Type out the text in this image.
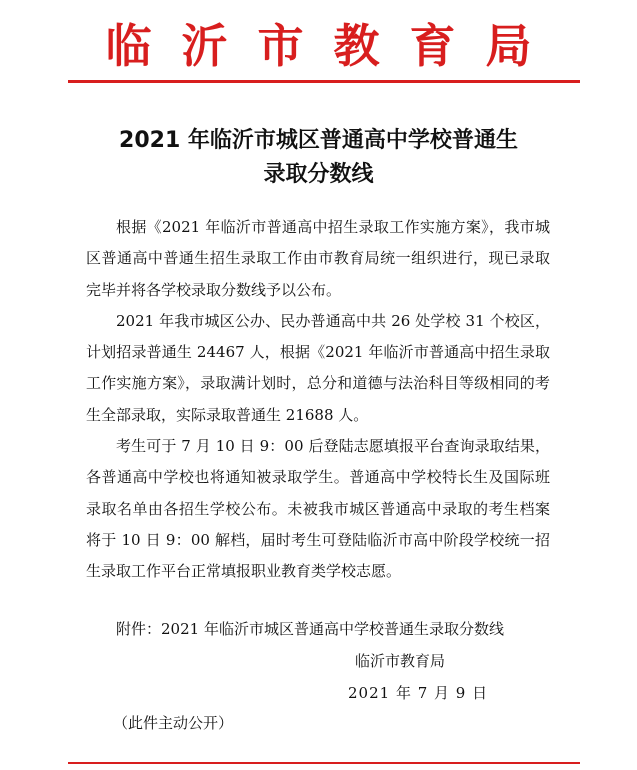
临沂市教育局
2021 年临沂市城区普通高中学校普通生
录取分数线

根据《2021 年临沂市普通高中招生录取工作实施方案》，我市城区普通高中普通生招生录取工作由市教育局统一组织进行，现已录取完毕并将各学校录取分数线予以公布。

2021 年我市城区公办、民办普通高中共 26 处学校 31 个校区，计划招录普通生 24467 人，根据《2021 年临沂市普通高中招生录取工作实施方案》，录取满计划时，总分和道德与法治科目等级相同的考生全部录取，实际录取普通生 21688 人。

考生可于 7 月 10 日 9：00 后登陆志愿填报平台查询录取结果，各普通高中学校也将通知被录取学生。普通高中学校特长生及国际班录取名单由各招生学校公布。未被我市城区普通高中录取的考生档案将于 10 日 9：00 解档，届时考生可登陆临沂市高中阶段学校统一招生录取工作平台正常填报职业教育类学校志愿。

附件：2021 年临沂市城区普通高中学校普通生录取分数线
临沂市教育局
2021 年 7 月 9 日
（此件主动公开）
